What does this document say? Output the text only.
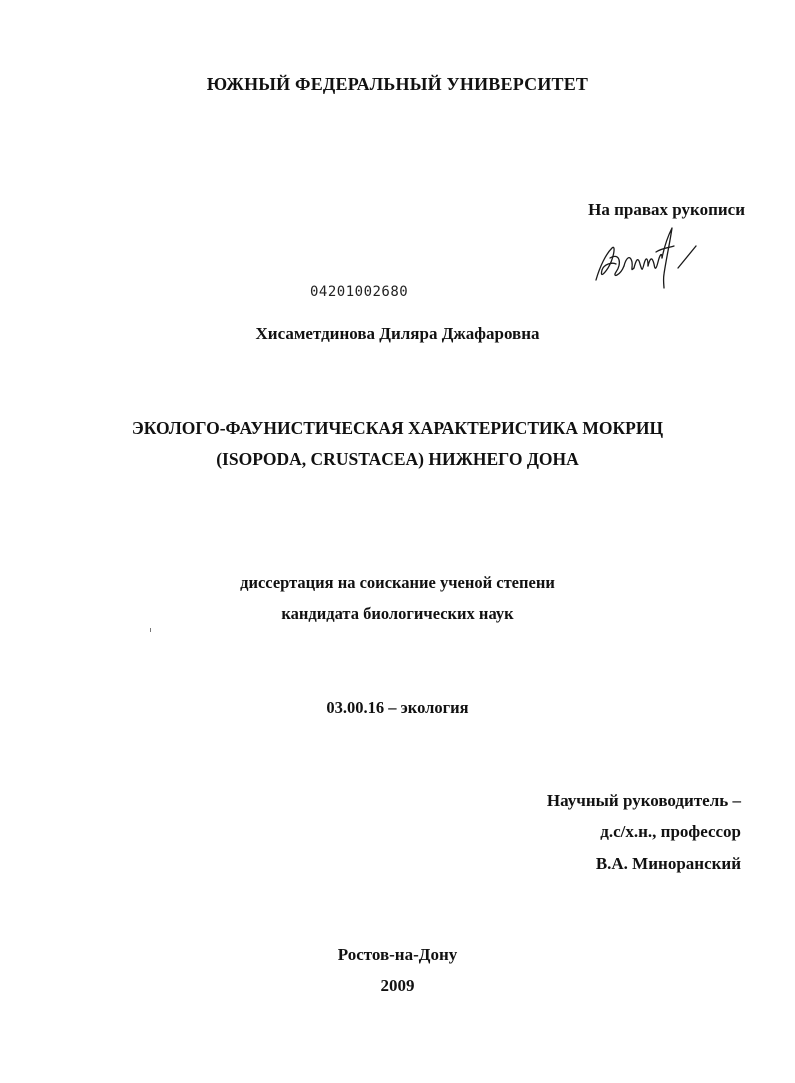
ЮЖНЫЙ ФЕДЕРАЛЬНЫЙ УНИВЕРСИТЕТ
На правах рукописи
04201002680
Хисаметдинова Диляра Джафаровна
ЭКОЛОГО-ФАУНИСТИЧЕСКАЯ ХАРАКТЕРИСТИКА МОКРИЦ
(ISOPODA, CRUSTACEA) НИЖНЕГО ДОНА
диссертация на соискание ученой степени
кандидата биологических наук
03.00.16 – экология
Научный руководитель –
д.с/х.н., профессор
В.А. Миноранский
Ростов-на-Дону
2009
